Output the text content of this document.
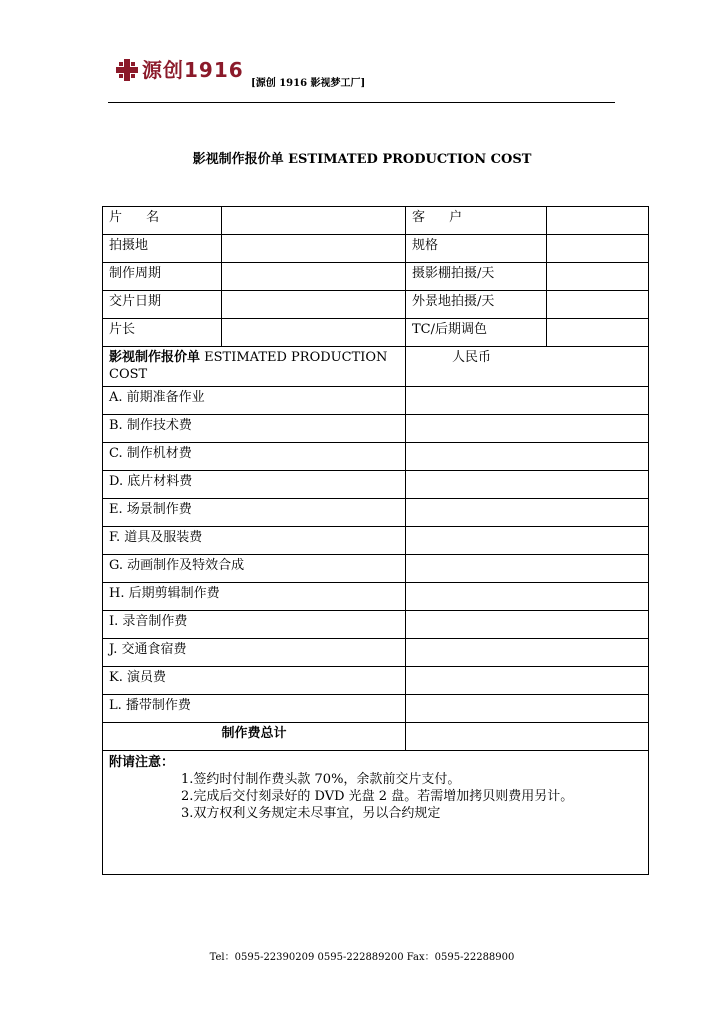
源创1916
[源创 1916 影视梦工厂]
影视制作报价单 ESTIMATED PRODUCTION COST
片 名		客 户	
拍摄地		规格	
制作周期		摄影棚拍摄/天	
交片日期		外景地拍摄/天	
片长		TC/后期调色	
影视制作报价单 ESTIMATED PRODUCTION COST		人民币	
A. 前期准备作业			
B. 制作技术费			
C. 制作机材费			
D. 底片材料费			
E. 场景制作费			
F. 道具及服装费			
G. 动画制作及特效合成			
H. 后期剪辑制作费			
I. 录音制作费			
J. 交通食宿费			
K. 演员费			
L. 播带制作费			
制作费总计			

附请注意：
1.签约时付制作费头款 70%，余款前交片支付。
2.完成后交付刻录好的 DVD 光盘 2 盘。若需增加拷贝则费用另计。
3.双方权利义务规定未尽事宜，另以合约规定			
Tel：0595-22390209 0595-222889200 Fax：0595-22288900
